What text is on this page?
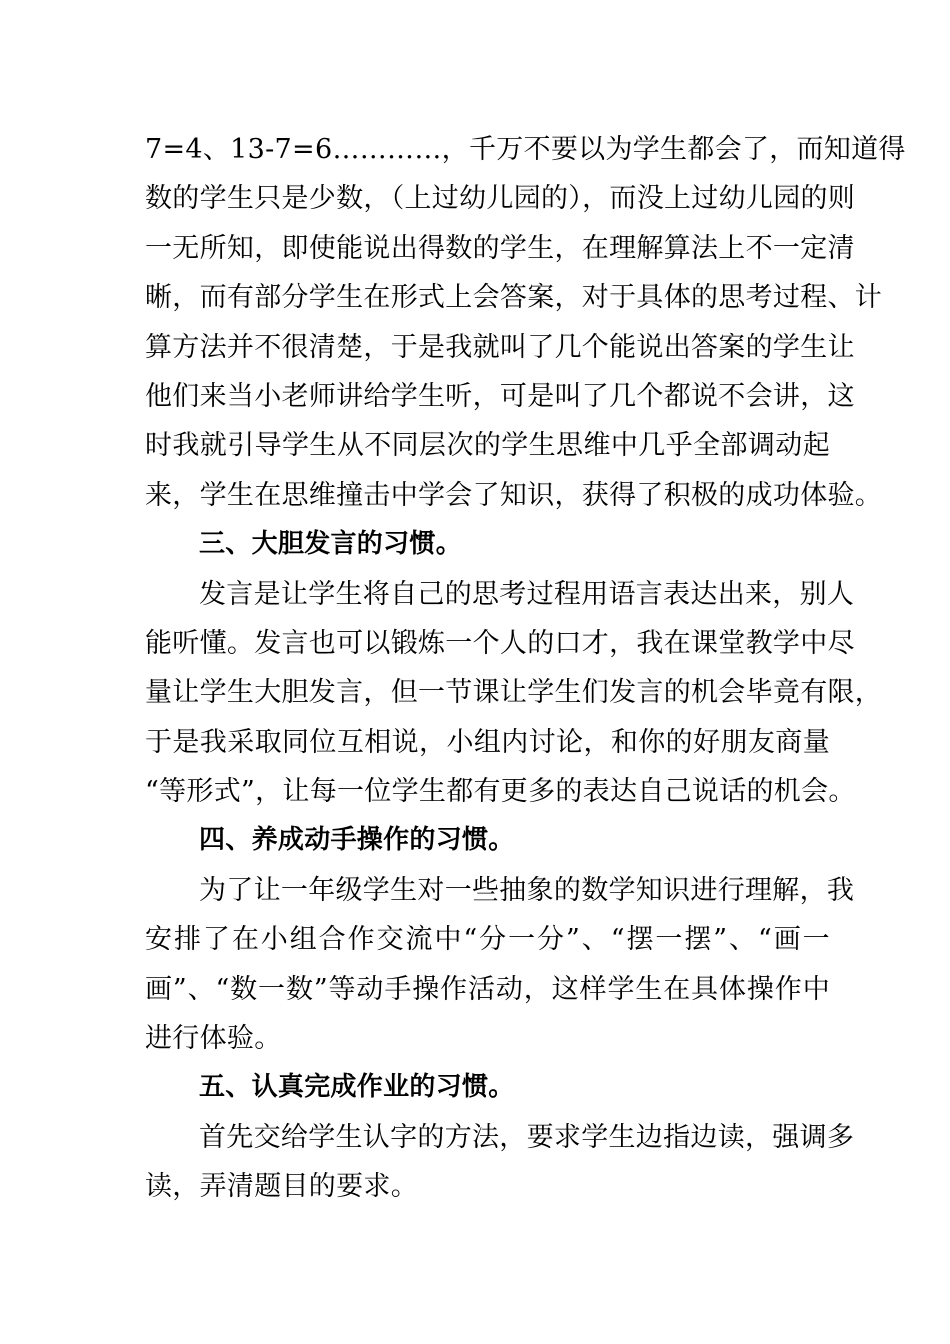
7=4、13-7=6…………，千万不要以为学生都会了，而知道得
数的学生只是少数，（上过幼儿园的），而没上过幼儿园的则
一无所知，即使能说出得数的学生，在理解算法上不一定清
晰，而有部分学生在形式上会答案，对于具体的思考过程、计
算方法并不很清楚，于是我就叫了几个能说出答案的学生让
他们来当小老师讲给学生听，可是叫了几个都说不会讲，这
时我就引导学生从不同层次的学生思维中几乎全部调动起
来，学生在思维撞击中学会了知识，获得了积极的成功体验。
三、大胆发言的习惯。
发言是让学生将自己的思考过程用语言表达出来，别人
能听懂。发言也可以锻炼一个人的口才，我在课堂教学中尽
量让学生大胆发言，但一节课让学生们发言的机会毕竟有限，
于是我采取同位互相说，小组内讨论，和你的好朋友商量
“等形式”，让每一位学生都有更多的表达自己说话的机会。
四、养成动手操作的习惯。
为了让一年级学生对一些抽象的数学知识进行理解，我
安排了在小组合作交流中“分一分”、“摆一摆”、“画一
画”、“数一数”等动手操作活动，这样学生在具体操作中
进行体验。
五、认真完成作业的习惯。
首先交给学生认字的方法，要求学生边指边读，强调多
读，弄清题目的要求。
